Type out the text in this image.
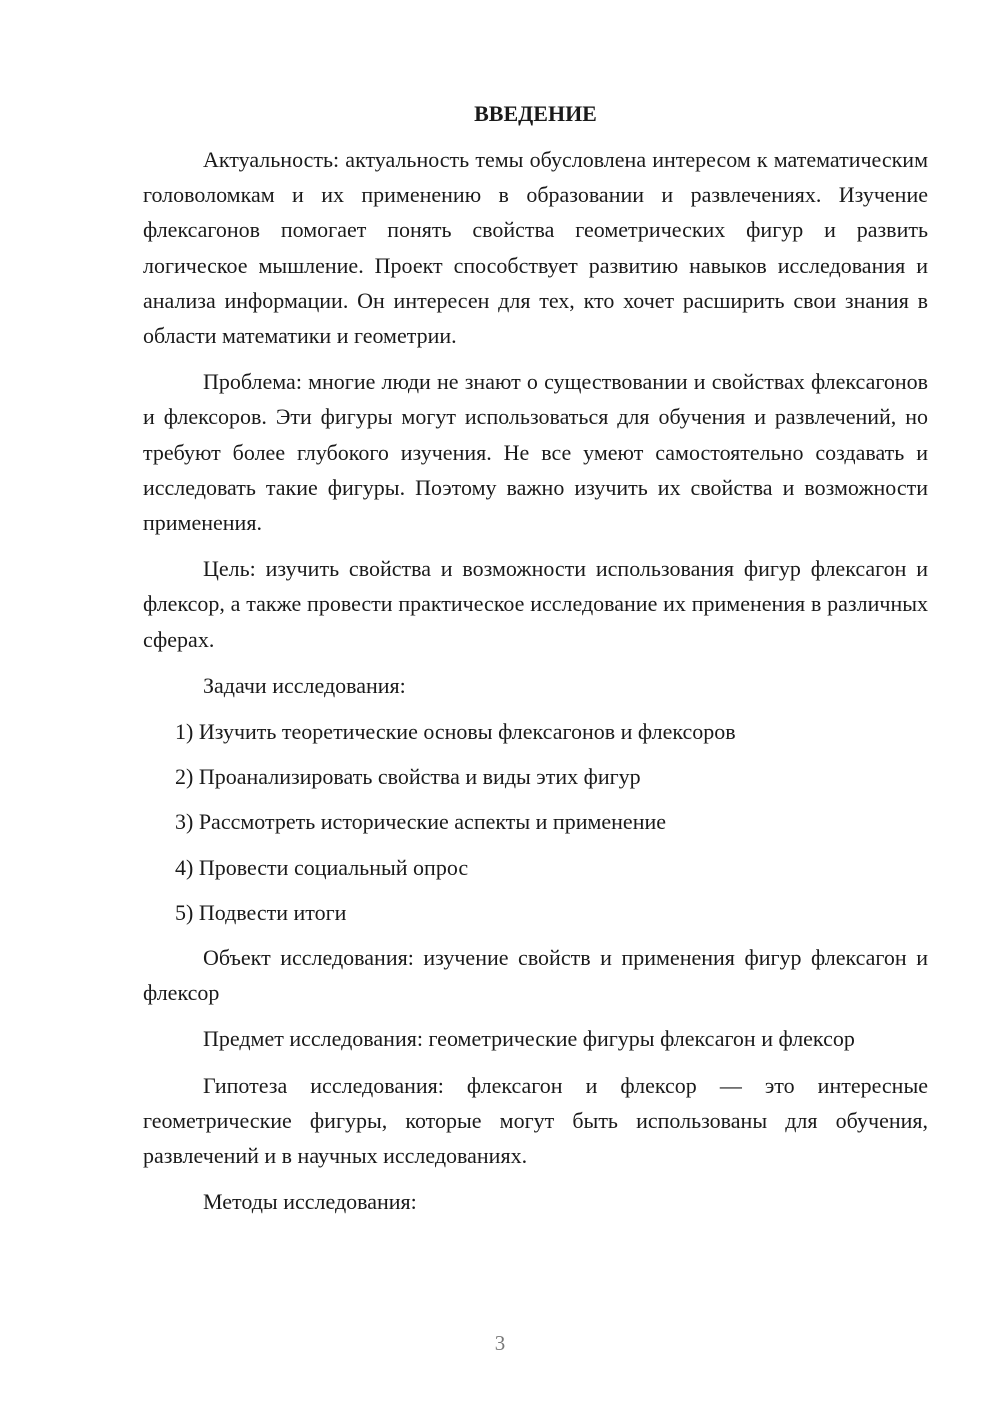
ВВЕДЕНИЕ

Актуальность: актуальность темы обусловлена интересом к математическим головоломкам и их применению в образовании и развлечениях. Изучение флексагонов помогает понять свойства геометрических фигур и развить логическое мышление. Проект способствует развитию навыков исследования и анализа информации. Он интересен для тех, кто хочет расширить свои знания в области математики и геометрии.

Проблема: многие люди не знают о существовании и свойствах флексагонов и флексоров. Эти фигуры могут использоваться для обучения и развлечений, но требуют более глубокого изучения. Не все умеют самостоятельно создавать и исследовать такие фигуры. Поэтому важно изучить их свойства и возможности применения.

Цель: изучить свойства и возможности использования фигур флексагон и флексор, а также провести практическое исследование их применения в различных сферах.

Задачи исследования:

1) Изучить теоретические основы флексагонов и флексоров
2) Проанализировать свойства и виды этих фигур
3) Рассмотреть исторические аспекты и применение
4) Провести социальный опрос
5) Подвести итоги

Объект исследования: изучение свойств и применения фигур флексагон и флексор

Предмет исследования: геометрические фигуры флексагон и флексор

Гипотеза исследования: флексагон и флексор — это интересные геометрические фигуры, которые могут быть использованы для обучения, развлечений и в научных исследованиях.

Методы исследования:

3
